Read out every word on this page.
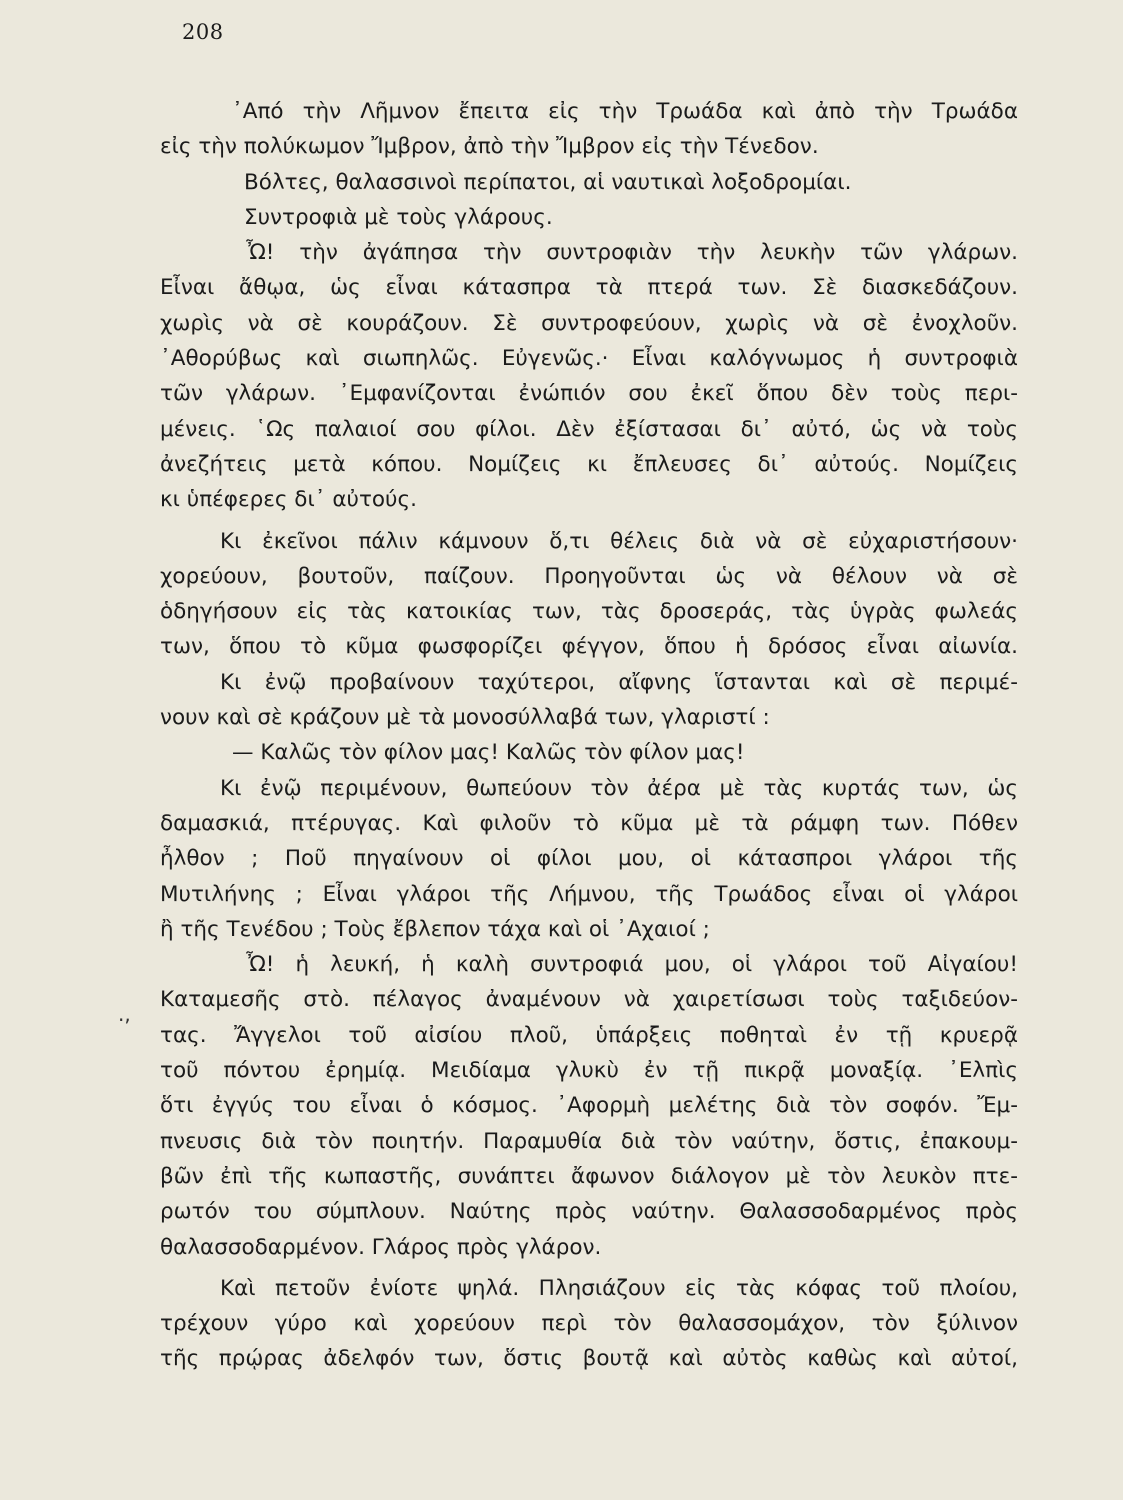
208
.,
᾿Από τὴν Λῆμνον ἔπειτα εἰς τὴν Τρωάδα καὶ ἀπὸ τὴν Τρωάδα
εἰς τὴν πολύκωμον Ἴμβρον, ἀπὸ τὴν Ἴμβρον εἰς τὴν Τένεδον.
Βόλτες, θαλασσινοὶ περίπατοι, αἱ ναυτικαὶ λοξοδρομίαι.
Συντροφιὰ μὲ τοὺς γλάρους.
Ὦ! τὴν ἀγάπησα τὴν συντροφιὰν τὴν λευκὴν τῶν γλάρων.
Εἶναι ἄθῳα, ὡς εἶναι κάτασπρα τὰ πτερά των. Σὲ διασκεδάζουν.
χωρὶς νὰ σὲ κουράζουν. Σὲ συντροφεύουν, χωρὶς νὰ σὲ ἐνοχλοῦν.
᾿Αθορύβως καὶ σιωπηλῶς. Εὐγενῶς.· Εἶναι καλόγνωμος ἡ συντροφιὰ
τῶν γλάρων. ᾿Εμφανίζονται ἐνώπιόν σου ἐκεῖ ὅπου δὲν τοὺς περι-
μένεις. ῾Ως παλαιοί σου φίλοι. Δὲν ἐξίστασαι δι᾿ αὐτό, ὡς νὰ τοὺς
ἀνεζήτεις μετὰ κόπου. Νομίζεις κι ἔπλευσες δι᾿ αὐτούς. Νομίζεις
κι ὑπέφερες δι᾿ αὐτούς.
Κι ἐκεῖνοι πάλιν κάμνουν ὅ,τι θέλεις διὰ νὰ σὲ εὐχαριστήσουν·
χορεύουν, βουτοῦν, παίζουν. Προηγοῦνται ὡς νὰ θέλουν νὰ σὲ
ὁδηγήσουν εἰς τὰς κατοικίας των, τὰς δροσεράς, τὰς ὑγρὰς φωλεάς
των, ὅπου τὸ κῦμα φωσφορίζει φέγγον, ὅπου ἡ δρόσος εἶναι αἰωνία.
Κι ἐνῷ προβαίνουν ταχύτεροι, αἴφνης ἵστανται καὶ σὲ περιμέ-
νουν καὶ σὲ κράζουν μὲ τὰ μονοσύλλαβά των, γλαριστί :
— Καλῶς τὸν φίλον μας! Καλῶς τὸν φίλον μας!
Κι ἐνῷ περιμένουν, θωπεύουν τὸν ἀέρα μὲ τὰς κυρτάς των, ὡς
δαμασκιά, πτέρυγας. Καὶ φιλοῦν τὸ κῦμα μὲ τὰ ράμφη των. Πόθεν
ἦλθον ; Ποῦ πηγαίνουν οἱ φίλοι μου, οἱ κάτασπροι γλάροι τῆς
Μυτιλήνης ; Εἶναι γλάροι τῆς Λήμνου, τῆς Τρωάδος εἶναι οἱ γλάροι
ἢ τῆς Τενέδου ; Τοὺς ἔβλεπον τάχα καὶ οἱ ᾿Αχαιοί ;
Ὦ! ἡ λευκή, ἡ καλὴ συντροφιά μου, οἱ γλάροι τοῦ Αἰγαίου!
Καταμεσῆς στὸ. πέλαγος ἀναμένουν νὰ χαιρετίσωσι τοὺς ταξιδεύον-
τας. Ἄγγελοι τοῦ αἰσίου πλοῦ, ὑπάρξεις ποθηταὶ ἐν τῇ κρυερᾷ
τοῦ πόντου ἐρημίᾳ. Μειδίαμα γλυκὺ ἐν τῇ πικρᾷ μοναξίᾳ. ᾿Ελπὶς
ὅτι ἐγγύς του εἶναι ὁ κόσμος. ᾿Αφορμὴ μελέτης διὰ τὸν σοφόν. Ἔμ-
πνευσις διὰ τὸν ποιητήν. Παραμυθία διὰ τὸν ναύτην, ὅστις, ἐπακουμ-
βῶν ἐπὶ τῆς κωπαστῆς, συνάπτει ἄφωνον διάλογον μὲ τὸν λευκὸν πτε-
ρωτόν του σύμπλουν. Ναύτης πρὸς ναύτην. Θαλασσοδαρμένος πρὸς
θαλασσοδαρμένον. Γλάρος πρὸς γλάρον.
Καὶ πετοῦν ἐνίοτε ψηλά. Πλησιάζουν εἰς τὰς κόφας τοῦ πλοίου,
τρέχουν γύρο καὶ χορεύουν περὶ τὸν θαλασσομάχον, τὸν ξύλινον
τῆς πρῴρας ἀδελφόν των, ὅστις βουτᾷ καὶ αὐτὸς καθὼς καὶ αὐτοί,
